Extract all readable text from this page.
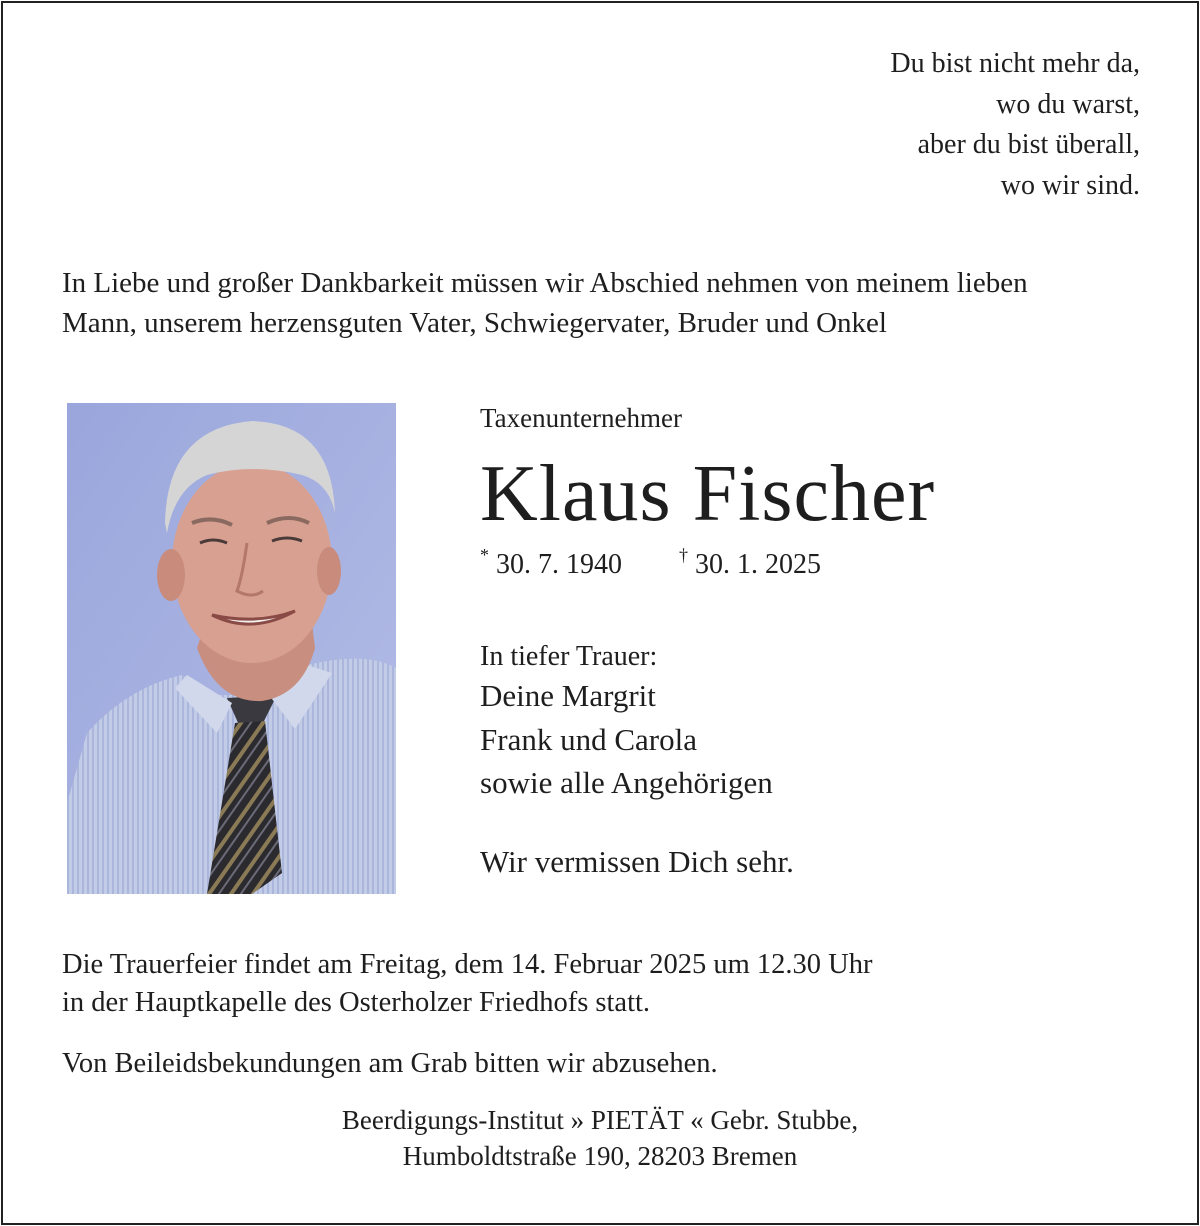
Du bist nicht mehr da,
wo du warst,
aber du bist überall,
wo wir sind.
In Liebe und großer Dankbarkeit müssen wir Abschied nehmen von meinem lieben
Mann, unserem herzensguten Vater, Schwiegervater, Bruder und Onkel
Taxenunternehmer
Klaus Fischer
* 30. 7. 1940	† 30. 1. 2025
In tiefer Trauer:
Deine Margrit
Frank und Carola
sowie alle Angehörigen
Wir vermissen Dich sehr.
Die Trauerfeier findet am Freitag, dem 14. Februar 2025 um 12.30 Uhr
in der Hauptkapelle des Osterholzer Friedhofs statt.
Von Beileidsbekundungen am Grab bitten wir abzusehen.
Beerdigungs-Institut » PIETÄT « Gebr. Stubbe,
Humboldtstraße 190, 28203 Bremen
